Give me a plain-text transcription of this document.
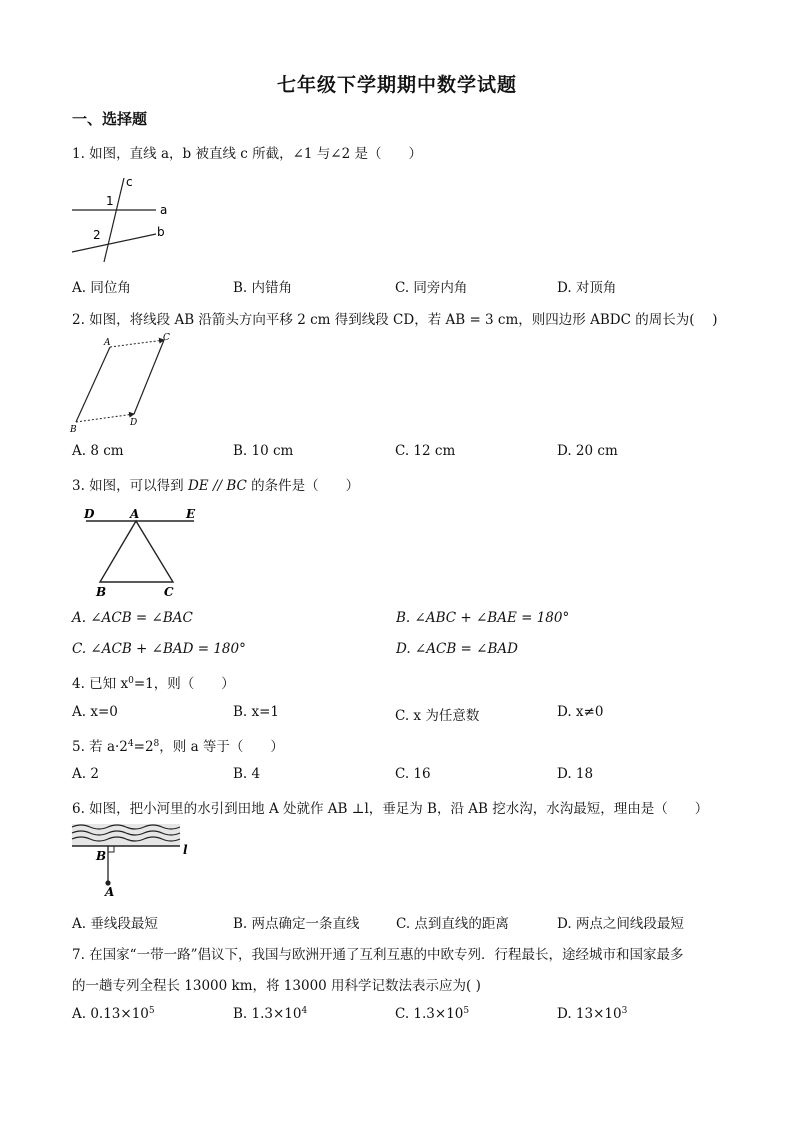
七年级下学期期中数学试题
一、选择题
1. 如图，直线 a，b 被直线 c 所截，∠1 与∠2 是（　　）
c
a
b
1
2
A. 同位角	B. 内错角	C. 同旁内角	D. 对顶角
2. 如图，将线段 AB 沿箭头方向平移 2 cm 得到线段 CD，若 AB = 3 cm，则四边形 ABDC 的周长为(　 )
A	C
B
D
A. 8 cm	B. 10 cm	C. 12 cm	D. 20 cm
3. 如图，可以得到 DE // BC 的条件是（　　）
D	A	E
B	C
A. ∠ACB = ∠BAC	B. ∠ABC + ∠BAE = 180°
C. ∠ACB + ∠BAD = 180°	D. ∠ACB = ∠BAD
4. 已知 $x^0=1$，则（　　）
A. x=0	B. x=1	C. x 为任意数	D. x≠0
5. 若 $a\cdot 2^4=2^8$，则 a 等于（　　）
A. 2	B. 4	C. 16	D. 18
6. 如图，把小河里的水引到田地 A 处就作 AB ⊥l，垂足为 B，沿 AB 挖水沟，水沟最短，理由是（　　）
B	l
A
A. 垂线段最短	B. 两点确定一条直线	C. 点到直线的距离	D. 两点之间线段最短
7. 在国家“一带一路”倡议下，我国与欧洲开通了互利互惠的中欧专列．行程最长，途经城市和国家最多
的一趟专列全程长 13000 km，将 13000 用科学记数法表示应为( )
A. $0.13\times 10^5$	B. $1.3\times 10^4$	C. $1.3\times 10^5$	D. $13\times 10^3$
